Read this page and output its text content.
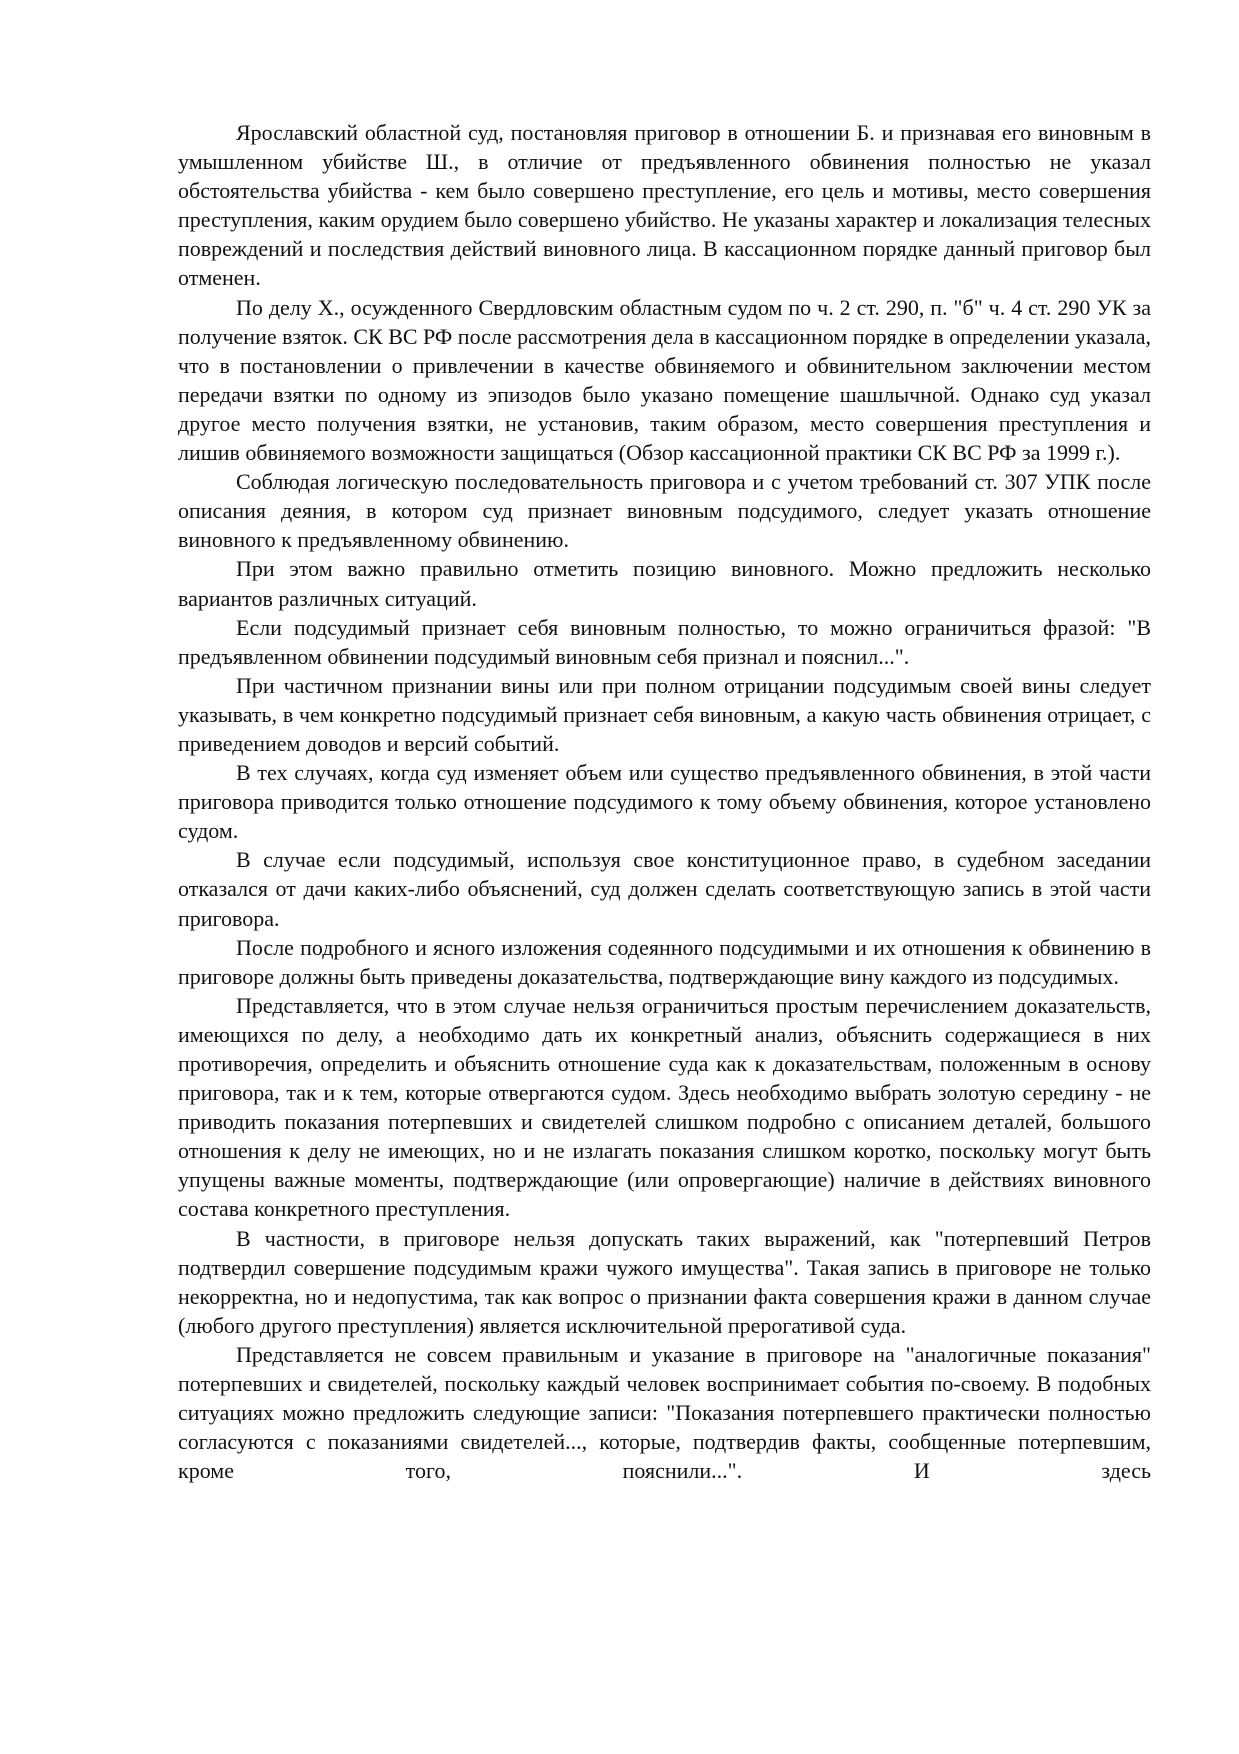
Ярославский областной суд, постановляя приговор в отношении Б. и признавая его виновным в умышленном убийстве Ш., в отличие от предъявленного обвинения полностью не указал обстоятельства убийства - кем было совершено преступление, его цель и мотивы, место совершения преступления, каким орудием было совершено убийство. Не указаны характер и локализация телесных повреждений и последствия действий виновного лица. В кассационном порядке данный приговор был отменен.

По делу Х., осужденного Свердловским областным судом по ч. 2 ст. 290, п. "б" ч. 4 ст. 290 УК за получение взяток. СК ВС РФ после рассмотрения дела в кассационном порядке в определении указала, что в постановлении о привлечении в качестве обвиняемого и обвинительном заключении местом передачи взятки по одному из эпизодов было указано помещение шашлычной. Однако суд указал другое место получения взятки, не установив, таким образом, место совершения преступления и лишив обвиняемого возможности защищаться (Обзор кассационной практики СК ВС РФ за 1999 г.).

Соблюдая логическую последовательность приговора и с учетом требований ст. 307 УПК после описания деяния, в котором суд признает виновным подсудимого, следует указать отношение виновного к предъявленному обвинению.

При этом важно правильно отметить позицию виновного. Можно предложить несколько вариантов различных ситуаций.

Если подсудимый признает себя виновным полностью, то можно ограничиться фразой: "В предъявленном обвинении подсудимый виновным себя признал и пояснил...".

При частичном признании вины или при полном отрицании подсудимым своей вины следует указывать, в чем конкретно подсудимый признает себя виновным, а какую часть обвинения отрицает, с приведением доводов и версий событий.

В тех случаях, когда суд изменяет объем или существо предъявленного обвинения, в этой части приговора приводится только отношение подсудимого к тому объему обвинения, которое установлено судом.

В случае если подсудимый, используя свое конституционное право, в судебном заседании отказался от дачи каких-либо объяснений, суд должен сделать соответствующую запись в этой части приговора.

После подробного и ясного изложения содеянного подсудимыми и их отношения к обвинению в приговоре должны быть приведены доказательства, подтверждающие вину каждого из подсудимых.

Представляется, что в этом случае нельзя ограничиться простым перечислением доказательств, имеющихся по делу, а необходимо дать их конкретный анализ, объяснить содержащиеся в них противоречия, определить и объяснить отношение суда как к доказательствам, положенным в основу приговора, так и к тем, которые отвергаются судом. Здесь необходимо выбрать золотую середину - не приводить показания потерпевших и свидетелей слишком подробно с описанием деталей, большого отношения к делу не имеющих, но и не излагать показания слишком коротко, поскольку могут быть упущены важные моменты, подтверждающие (или опровергающие) наличие в действиях виновного состава конкретного преступления.

В частности, в приговоре нельзя допускать таких выражений, как "потерпевший Петров подтвердил совершение подсудимым кражи чужого имущества". Такая запись в приговоре не только некорректна, но и недопустима, так как вопрос о признании факта совершения кражи в данном случае (любого другого преступления) является исключительной прерогативой суда.

Представляется не совсем правильным и указание в приговоре на "аналогичные показания" потерпевших и свидетелей, поскольку каждый человек воспринимает события по-своему. В подобных ситуациях можно предложить следующие записи: "Показания потерпевшего практически полностью согласуются с показаниями свидетелей..., которые, подтвердив факты, сообщенные потерпевшим, кроме того, пояснили...". И здесь
